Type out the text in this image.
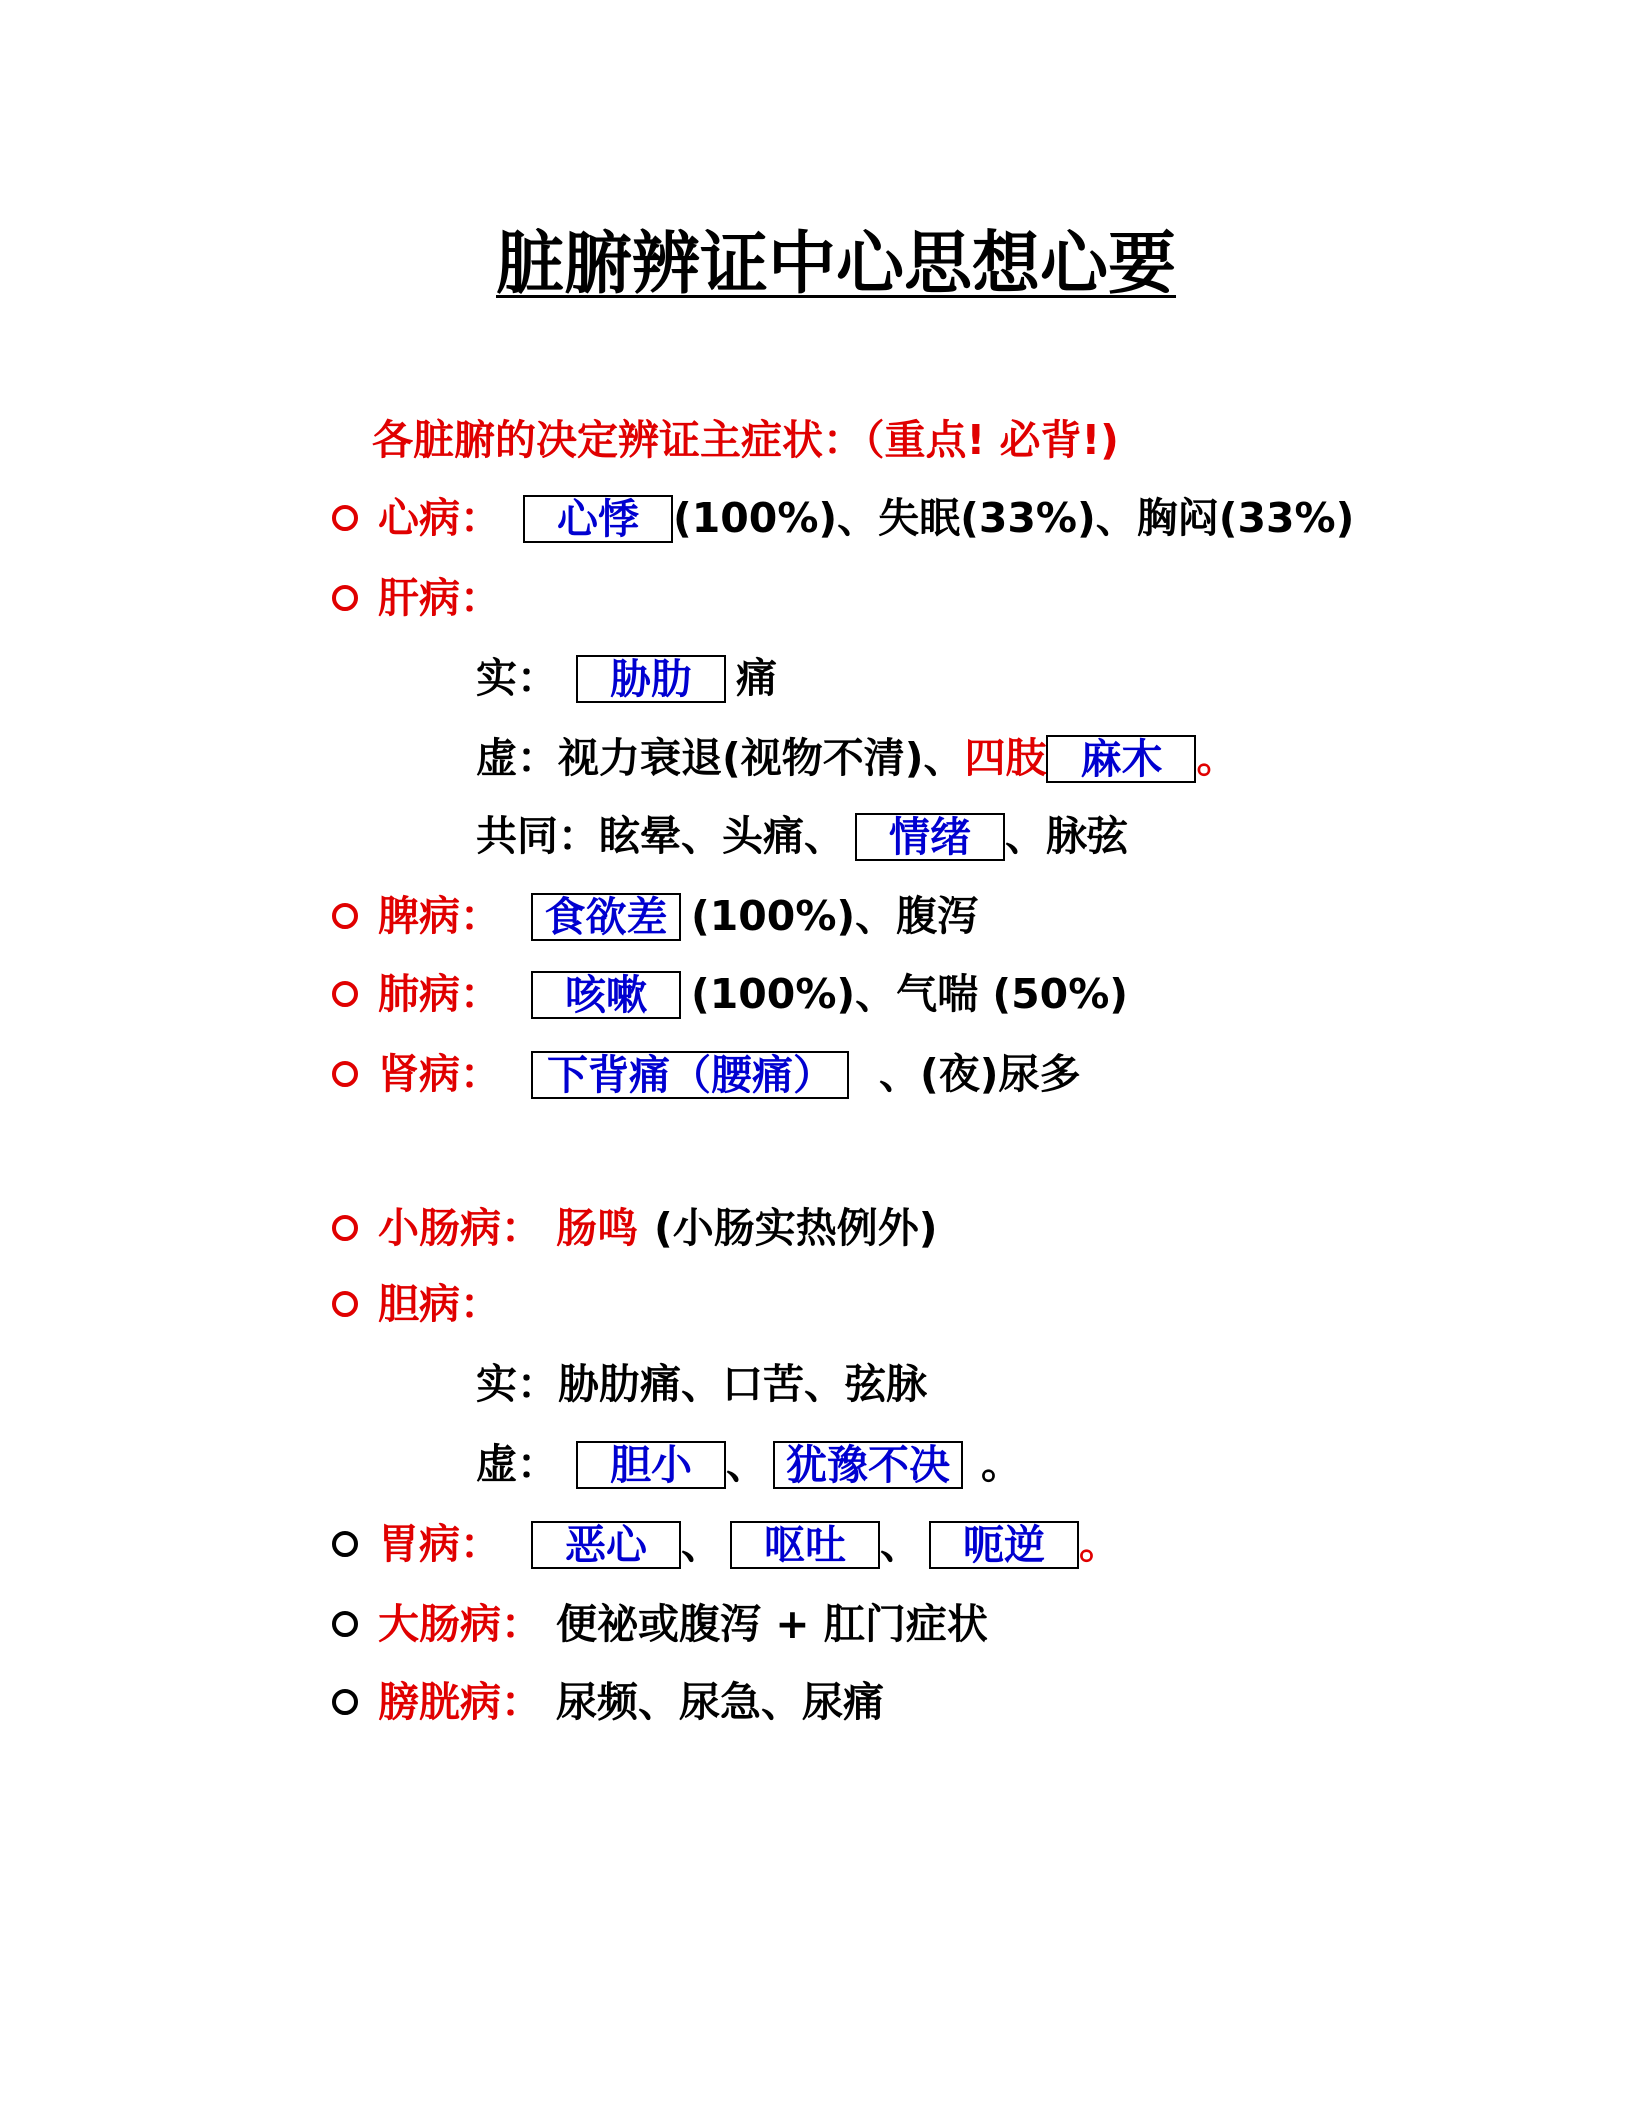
脏腑辨证中心思想心要
各脏腑的决定辨证主症状：（重点! 必背!)
心病： 心悸 (100%)、失眠(33%)、胸闷(33%)
肝病：
实： 胁肋 痛
虚：视力衰退(视物不清)、四肢 麻木 。
共同：眩晕、头痛、 情绪 、脉弦
脾病： 食欲差 (100%)、腹泻
肺病： 咳嗽 (100%)、气喘 (50%)
肾病： 下背痛（腰痛） 、(夜)尿多
小肠病： 肠鸣 (小肠实热例外)
胆病：
实：胁肋痛、口苦、弦脉
虚： 胆小 、 犹豫不决 。
胃病： 恶心 、 呕吐 、 呃逆 。
大肠病： 便祕或腹泻 + 肛门症状
膀胱病： 尿频、尿急、尿痛
